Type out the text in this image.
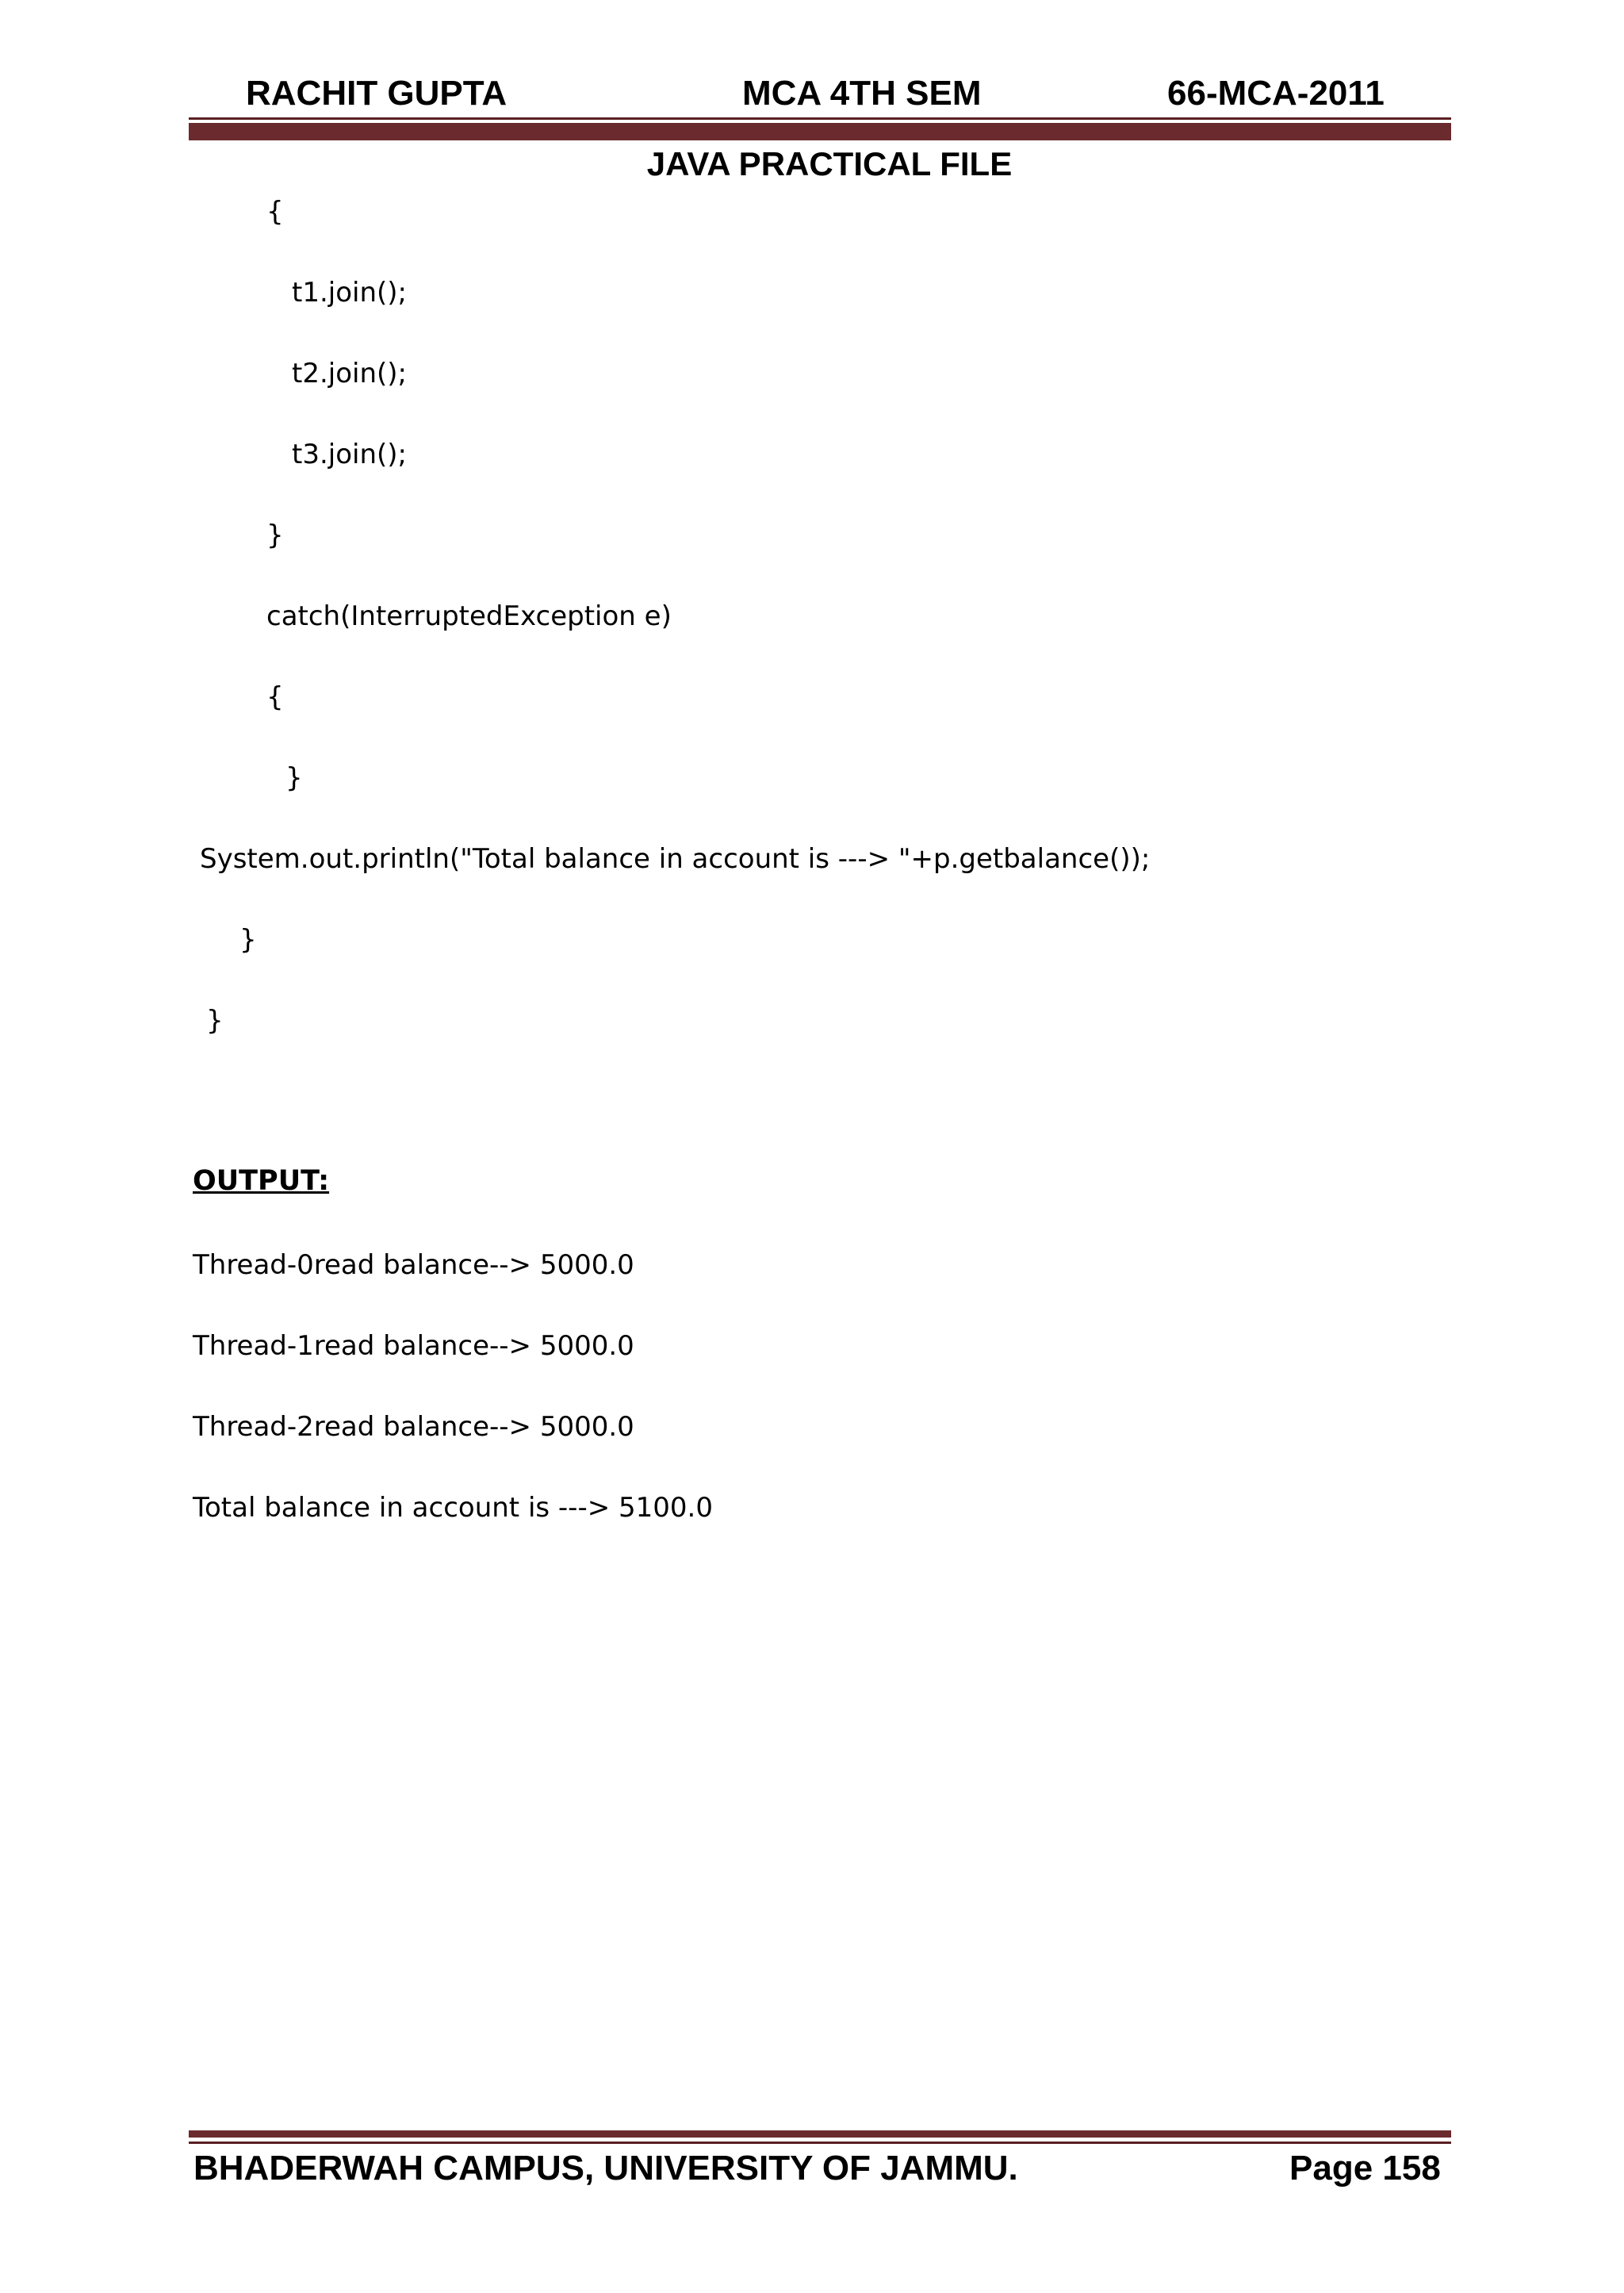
RACHIT GUPTA	MCA 4TH SEM	66-MCA-2011
JAVA PRACTICAL FILE
{
t1.join();
t2.join();
t3.join();
}
catch(InterruptedException e)
{
}
System.out.println("Total balance in account is ---> "+p.getbalance());
}
}
OUTPUT:
Thread-0read balance--> 5000.0
Thread-1read balance--> 5000.0
Thread-2read balance--> 5000.0
Total balance in account is ---> 5100.0
BHADERWAH CAMPUS, UNIVERSITY OF JAMMU.	Page 158
